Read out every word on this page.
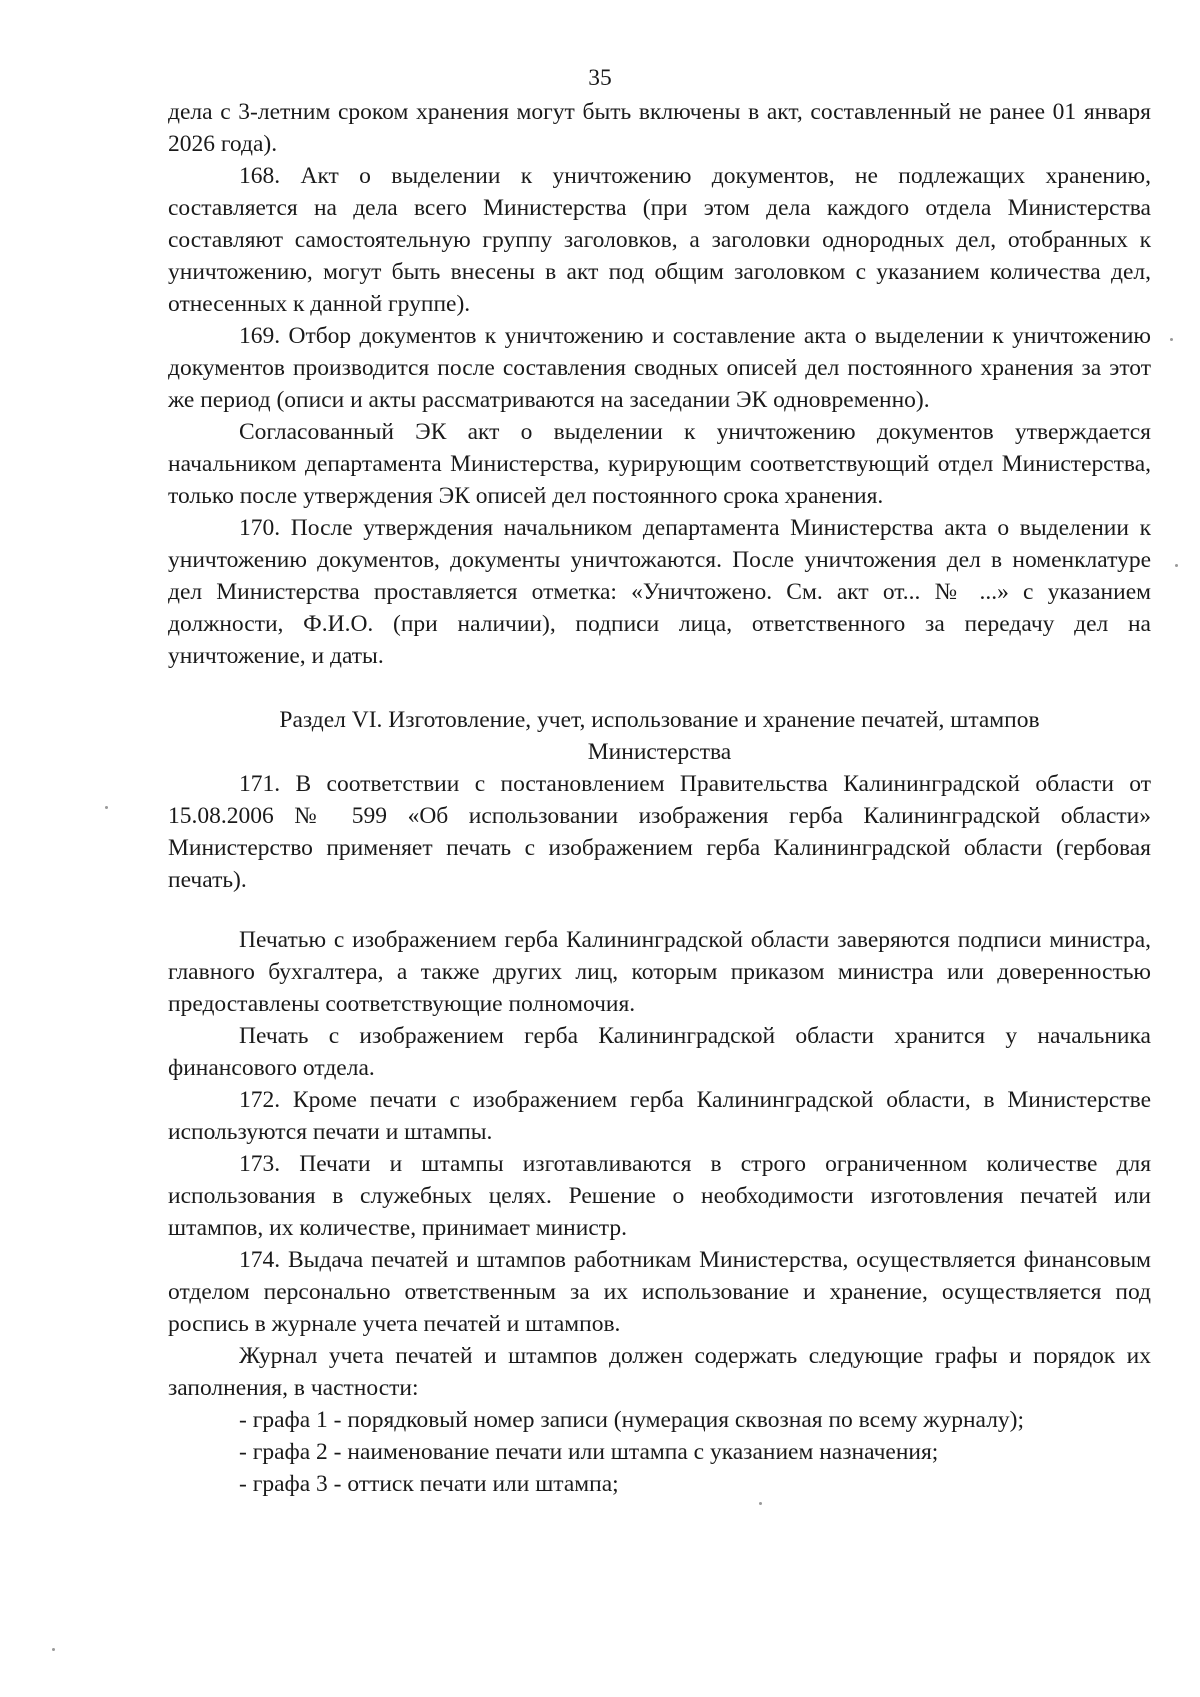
35

дела с 3-летним сроком хранения могут быть включены в акт, составленный не ранее 01 января 2026 года).

168. Акт о выделении к уничтожению документов, не подлежащих хранению, составляется на дела всего Министерства (при этом дела каждого отдела Министерства составляют самостоятельную группу заголовков, а заголовки однородных дел, отобранных к уничтожению, могут быть внесены в акт под общим заголовком с указанием количества дел, отнесенных к данной группе).

169. Отбор документов к уничтожению и составление акта о выделении к уничтожению документов производится после составления сводных описей дел постоянного хранения за этот же период (описи и акты рассматриваются на заседании ЭК одновременно).

Согласованный ЭК акт о выделении к уничтожению документов утверждается начальником департамента Министерства, курирующим соответствующий отдел Министерства, только после утверждения ЭК описей дел постоянного срока хранения.

170. После утверждения начальником департамента Министерства акта о выделении к уничтожению документов, документы уничтожаются. После уничтожения дел в номенклатуре дел Министерства проставляется отметка: «Уничтожено. См. акт от... № ...» с указанием должности, Ф.И.О. (при наличии), подписи лица, ответственного за передачу дел на уничтожение, и даты.

Раздел VI. Изготовление, учет, использование и хранение печатей, штампов

Министерства

171. В соответствии с постановлением Правительства Калининградской области от 15.08.2006 № 599 «Об использовании изображения герба Калининградской области» Министерство применяет печать с изображением герба Калининградской области (гербовая печать).

Печатью с изображением герба Калининградской области заверяются подписи министра, главного бухгалтера, а также других лиц, которым приказом министра или доверенностью предоставлены соответствующие полномочия.

Печать с изображением герба Калининградской области хранится у начальника финансового отдела.

172. Кроме печати с изображением герба Калининградской области, в Министерстве используются печати и штампы.

173. Печати и штампы изготавливаются в строго ограниченном количестве для использования в служебных целях. Решение о необходимости изготовления печатей или штампов, их количестве, принимает министр.

174. Выдача печатей и штампов работникам Министерства, осуществляется финансовым отделом персонально ответственным за их использование и хранение, осуществляется под роспись в журнале учета печатей и штампов.

Журнал учета печатей и штампов должен содержать следующие графы и порядок их заполнения, в частности:

- графа 1 - порядковый номер записи (нумерация сквозная по всему журналу);

- графа 2 - наименование печати или штампа с указанием назначения;

- графа 3 - оттиск печати или штампа;
